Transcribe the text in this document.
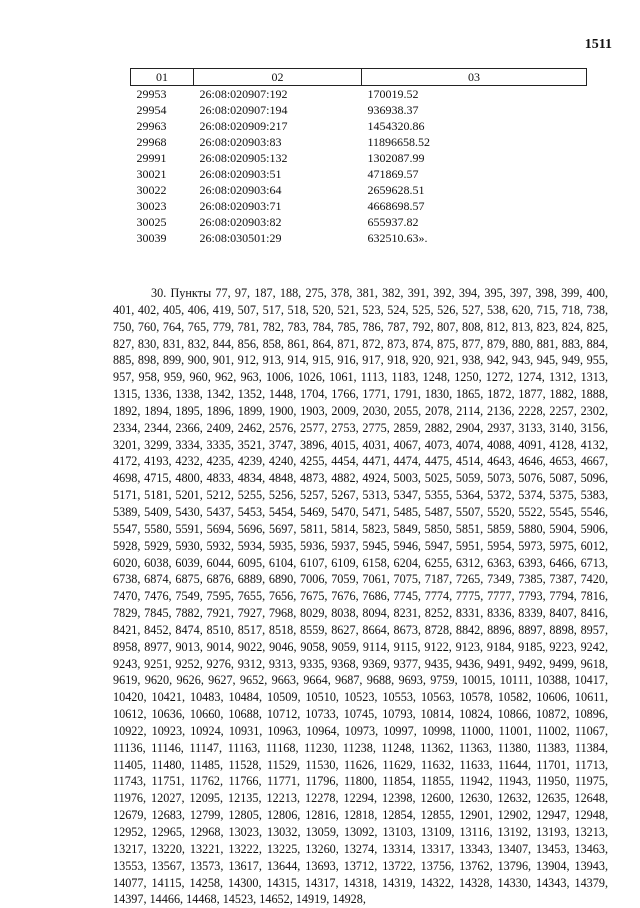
1511
01	02	03
29953	26:08:020907:192	170019.52
29954	26:08:020907:194	936938.37
29963	26:08:020909:217	1454320.86
29968	26:08:020903:83	11896658.52
29991	26:08:020905:132	1302087.99
30021	26:08:020903:51	471869.57
30022	26:08:020903:64	2659628.51
30023	26:08:020903:71	4668698.57
30025	26:08:020903:82	655937.82
30039	26:08:030501:29	632510.63».

30. Пункты 77, 97, 187, 188, 275, 378, 381, 382, 391, 392, 394, 395, 397, 398, 399, 400, 401, 402, 405, 406, 419, 507, 517, 518, 520, 521, 523, 524, 525, 526, 527, 538, 620, 715, 718, 738, 750, 760, 764, 765, 779, 781, 782, 783, 784, 785, 786, 787, 792, 807, 808, 812, 813, 823, 824, 825, 827, 830, 831, 832, 844, 856, 858, 861, 864, 871, 872, 873, 874, 875, 877, 879, 880, 881, 883, 884, 885, 898, 899, 900, 901, 912, 913, 914, 915, 916, 917, 918, 920, 921, 938, 942, 943, 945, 949, 955, 957, 958, 959, 960, 962, 963, 1006, 1026, 1061, 1113, 1183, 1248, 1250, 1272, 1274, 1312, 1313, 1315, 1336, 1338, 1342, 1352, 1448, 1704, 1766, 1771, 1791, 1830, 1865, 1872, 1877, 1882, 1888, 1892, 1894, 1895, 1896, 1899, 1900, 1903, 2009, 2030, 2055, 2078, 2114, 2136, 2228, 2257, 2302, 2334, 2344, 2366, 2409, 2462, 2576, 2577, 2753, 2775, 2859, 2882, 2904, 2937, 3133, 3140, 3156, 3201, 3299, 3334, 3335, 3521, 3747, 3896, 4015, 4031, 4067, 4073, 4074, 4088, 4091, 4128, 4132, 4172, 4193, 4232, 4235, 4239, 4240, 4255, 4454, 4471, 4474, 4475, 4514, 4643, 4646, 4653, 4667, 4698, 4715, 4800, 4833, 4834, 4848, 4873, 4882, 4924, 5003, 5025, 5059, 5073, 5076, 5087, 5096, 5171, 5181, 5201, 5212, 5255, 5256, 5257, 5267, 5313, 5347, 5355, 5364, 5372, 5374, 5375, 5383, 5389, 5409, 5430, 5437, 5453, 5454, 5469, 5470, 5471, 5485, 5487, 5507, 5520, 5522, 5545, 5546, 5547, 5580, 5591, 5694, 5696, 5697, 5811, 5814, 5823, 5849, 5850, 5851, 5859, 5880, 5904, 5906, 5928, 5929, 5930, 5932, 5934, 5935, 5936, 5937, 5945, 5946, 5947, 5951, 5954, 5973, 5975, 6012, 6020, 6038, 6039, 6044, 6095, 6104, 6107, 6109, 6158, 6204, 6255, 6312, 6363, 6393, 6466, 6713, 6738, 6874, 6875, 6876, 6889, 6890, 7006, 7059, 7061, 7075, 7187, 7265, 7349, 7385, 7387, 7420, 7470, 7476, 7549, 7595, 7655, 7656, 7675, 7676, 7686, 7745, 7774, 7775, 7777, 7793, 7794, 7816, 7829, 7845, 7882, 7921, 7927, 7968, 8029, 8038, 8094, 8231, 8252, 8331, 8336, 8339, 8407, 8416, 8421, 8452, 8474, 8510, 8517, 8518, 8559, 8627, 8664, 8673, 8728, 8842, 8896, 8897, 8898, 8957, 8958, 8977, 9013, 9014, 9022, 9046, 9058, 9059, 9114, 9115, 9122, 9123, 9184, 9185, 9223, 9242, 9243, 9251, 9252, 9276, 9312, 9313, 9335, 9368, 9369, 9377, 9435, 9436, 9491, 9492, 9499, 9618, 9619, 9620, 9626, 9627, 9652, 9663, 9664, 9687, 9688, 9693, 9759, 10015, 10111, 10388, 10417, 10420, 10421, 10483, 10484, 10509, 10510, 10523, 10553, 10563, 10578, 10582, 10606, 10611, 10612, 10636, 10660, 10688, 10712, 10733, 10745, 10793, 10814, 10824, 10866, 10872, 10896, 10922, 10923, 10924, 10931, 10963, 10964, 10973, 10997, 10998, 11000, 11001, 11002, 11067, 11136, 11146, 11147, 11163, 11168, 11230, 11238, 11248, 11362, 11363, 11380, 11383, 11384, 11405, 11480, 11485, 11528, 11529, 11530, 11626, 11629, 11632, 11633, 11644, 11701, 11713, 11743, 11751, 11762, 11766, 11771, 11796, 11800, 11854, 11855, 11942, 11943, 11950, 11975, 11976, 12027, 12095, 12135, 12213, 12278, 12294, 12398, 12600, 12630, 12632, 12635, 12648, 12679, 12683, 12799, 12805, 12806, 12816, 12818, 12854, 12855, 12901, 12902, 12947, 12948, 12952, 12965, 12968, 13023, 13032, 13059, 13092, 13103, 13109, 13116, 13192, 13193, 13213, 13217, 13220, 13221, 13222, 13225, 13260, 13274, 13314, 13317, 13343, 13407, 13453, 13463, 13553, 13567, 13573, 13617, 13644, 13693, 13712, 13722, 13756, 13762, 13796, 13904, 13943, 14077, 14115, 14258, 14300, 14315, 14317, 14318, 14319, 14322, 14328, 14330, 14343, 14379, 14397, 14466, 14468, 14523, 14652, 14919, 14928,
